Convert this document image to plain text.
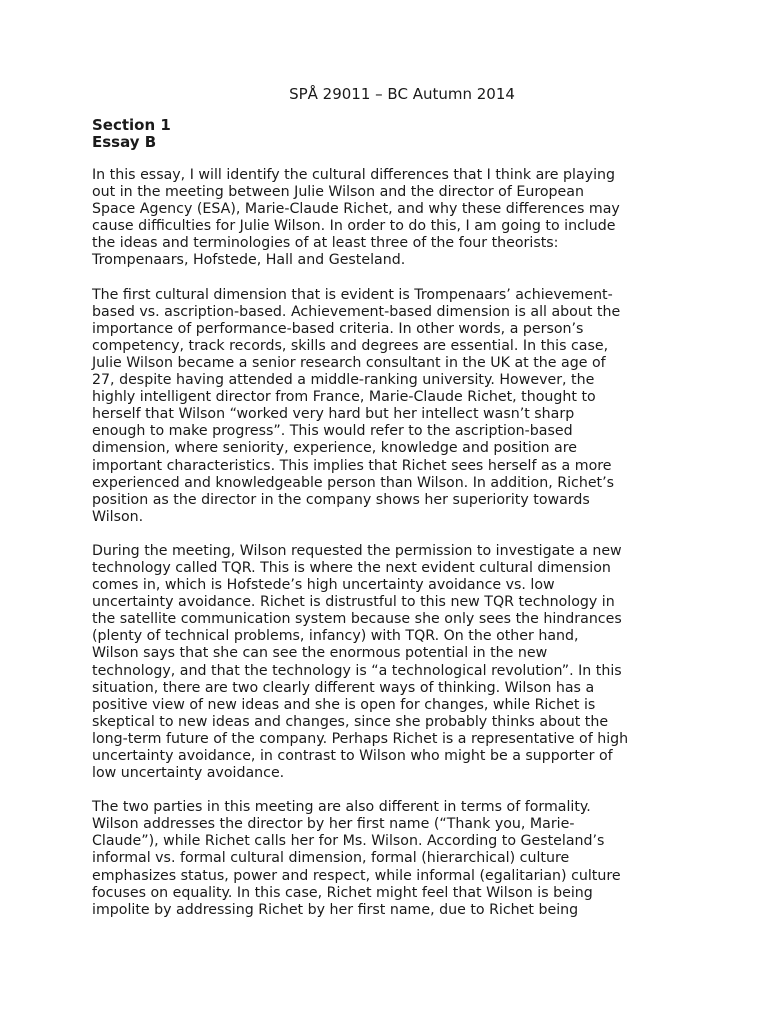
SPÅ 29011 – BC Autumn 2014
Section 1
Essay B
In this essay, I will identify the cultural differences that I think are playing
out in the meeting between Julie Wilson and the director of European
Space Agency (ESA), Marie-Claude Richet, and why these differences may
cause difficulties for Julie Wilson. In order to do this, I am going to include
the ideas and terminologies of at least three of the four theorists:
Trompenaars, Hofstede, Hall and Gesteland.
The first cultural dimension that is evident is Trompenaars’ achievement-
based vs. ascription-based. Achievement-based dimension is all about the
importance of performance-based criteria. In other words, a person’s
competency, track records, skills and degrees are essential. In this case,
Julie Wilson became a senior research consultant in the UK at the age of
27, despite having attended a middle-ranking university. However, the
highly intelligent director from France, Marie-Claude Richet, thought to
herself that Wilson “worked very hard but her intellect wasn’t sharp
enough to make progress”. This would refer to the ascription-based
dimension, where seniority, experience, knowledge and position are
important characteristics. This implies that Richet sees herself as a more
experienced and knowledgeable person than Wilson. In addition, Richet’s
position as the director in the company shows her superiority towards
Wilson.
During the meeting, Wilson requested the permission to investigate a new
technology called TQR. This is where the next evident cultural dimension
comes in, which is Hofstede’s high uncertainty avoidance vs. low
uncertainty avoidance. Richet is distrustful to this new TQR technology in
the satellite communication system because she only sees the hindrances
(plenty of technical problems, infancy) with TQR. On the other hand,
Wilson says that she can see the enormous potential in the new
technology, and that the technology is “a technological revolution”. In this
situation, there are two clearly different ways of thinking. Wilson has a
positive view of new ideas and she is open for changes, while Richet is
skeptical to new ideas and changes, since she probably thinks about the
long-term future of the company. Perhaps Richet is a representative of high
uncertainty avoidance, in contrast to Wilson who might be a supporter of
low uncertainty avoidance.
The two parties in this meeting are also different in terms of formality.
Wilson addresses the director by her first name (“Thank you, Marie-
Claude”), while Richet calls her for Ms. Wilson. According to Gesteland’s
informal vs. formal cultural dimension, formal (hierarchical) culture
emphasizes status, power and respect, while informal (egalitarian) culture
focuses on equality. In this case, Richet might feel that Wilson is being
impolite by addressing Richet by her first name, due to Richet being
